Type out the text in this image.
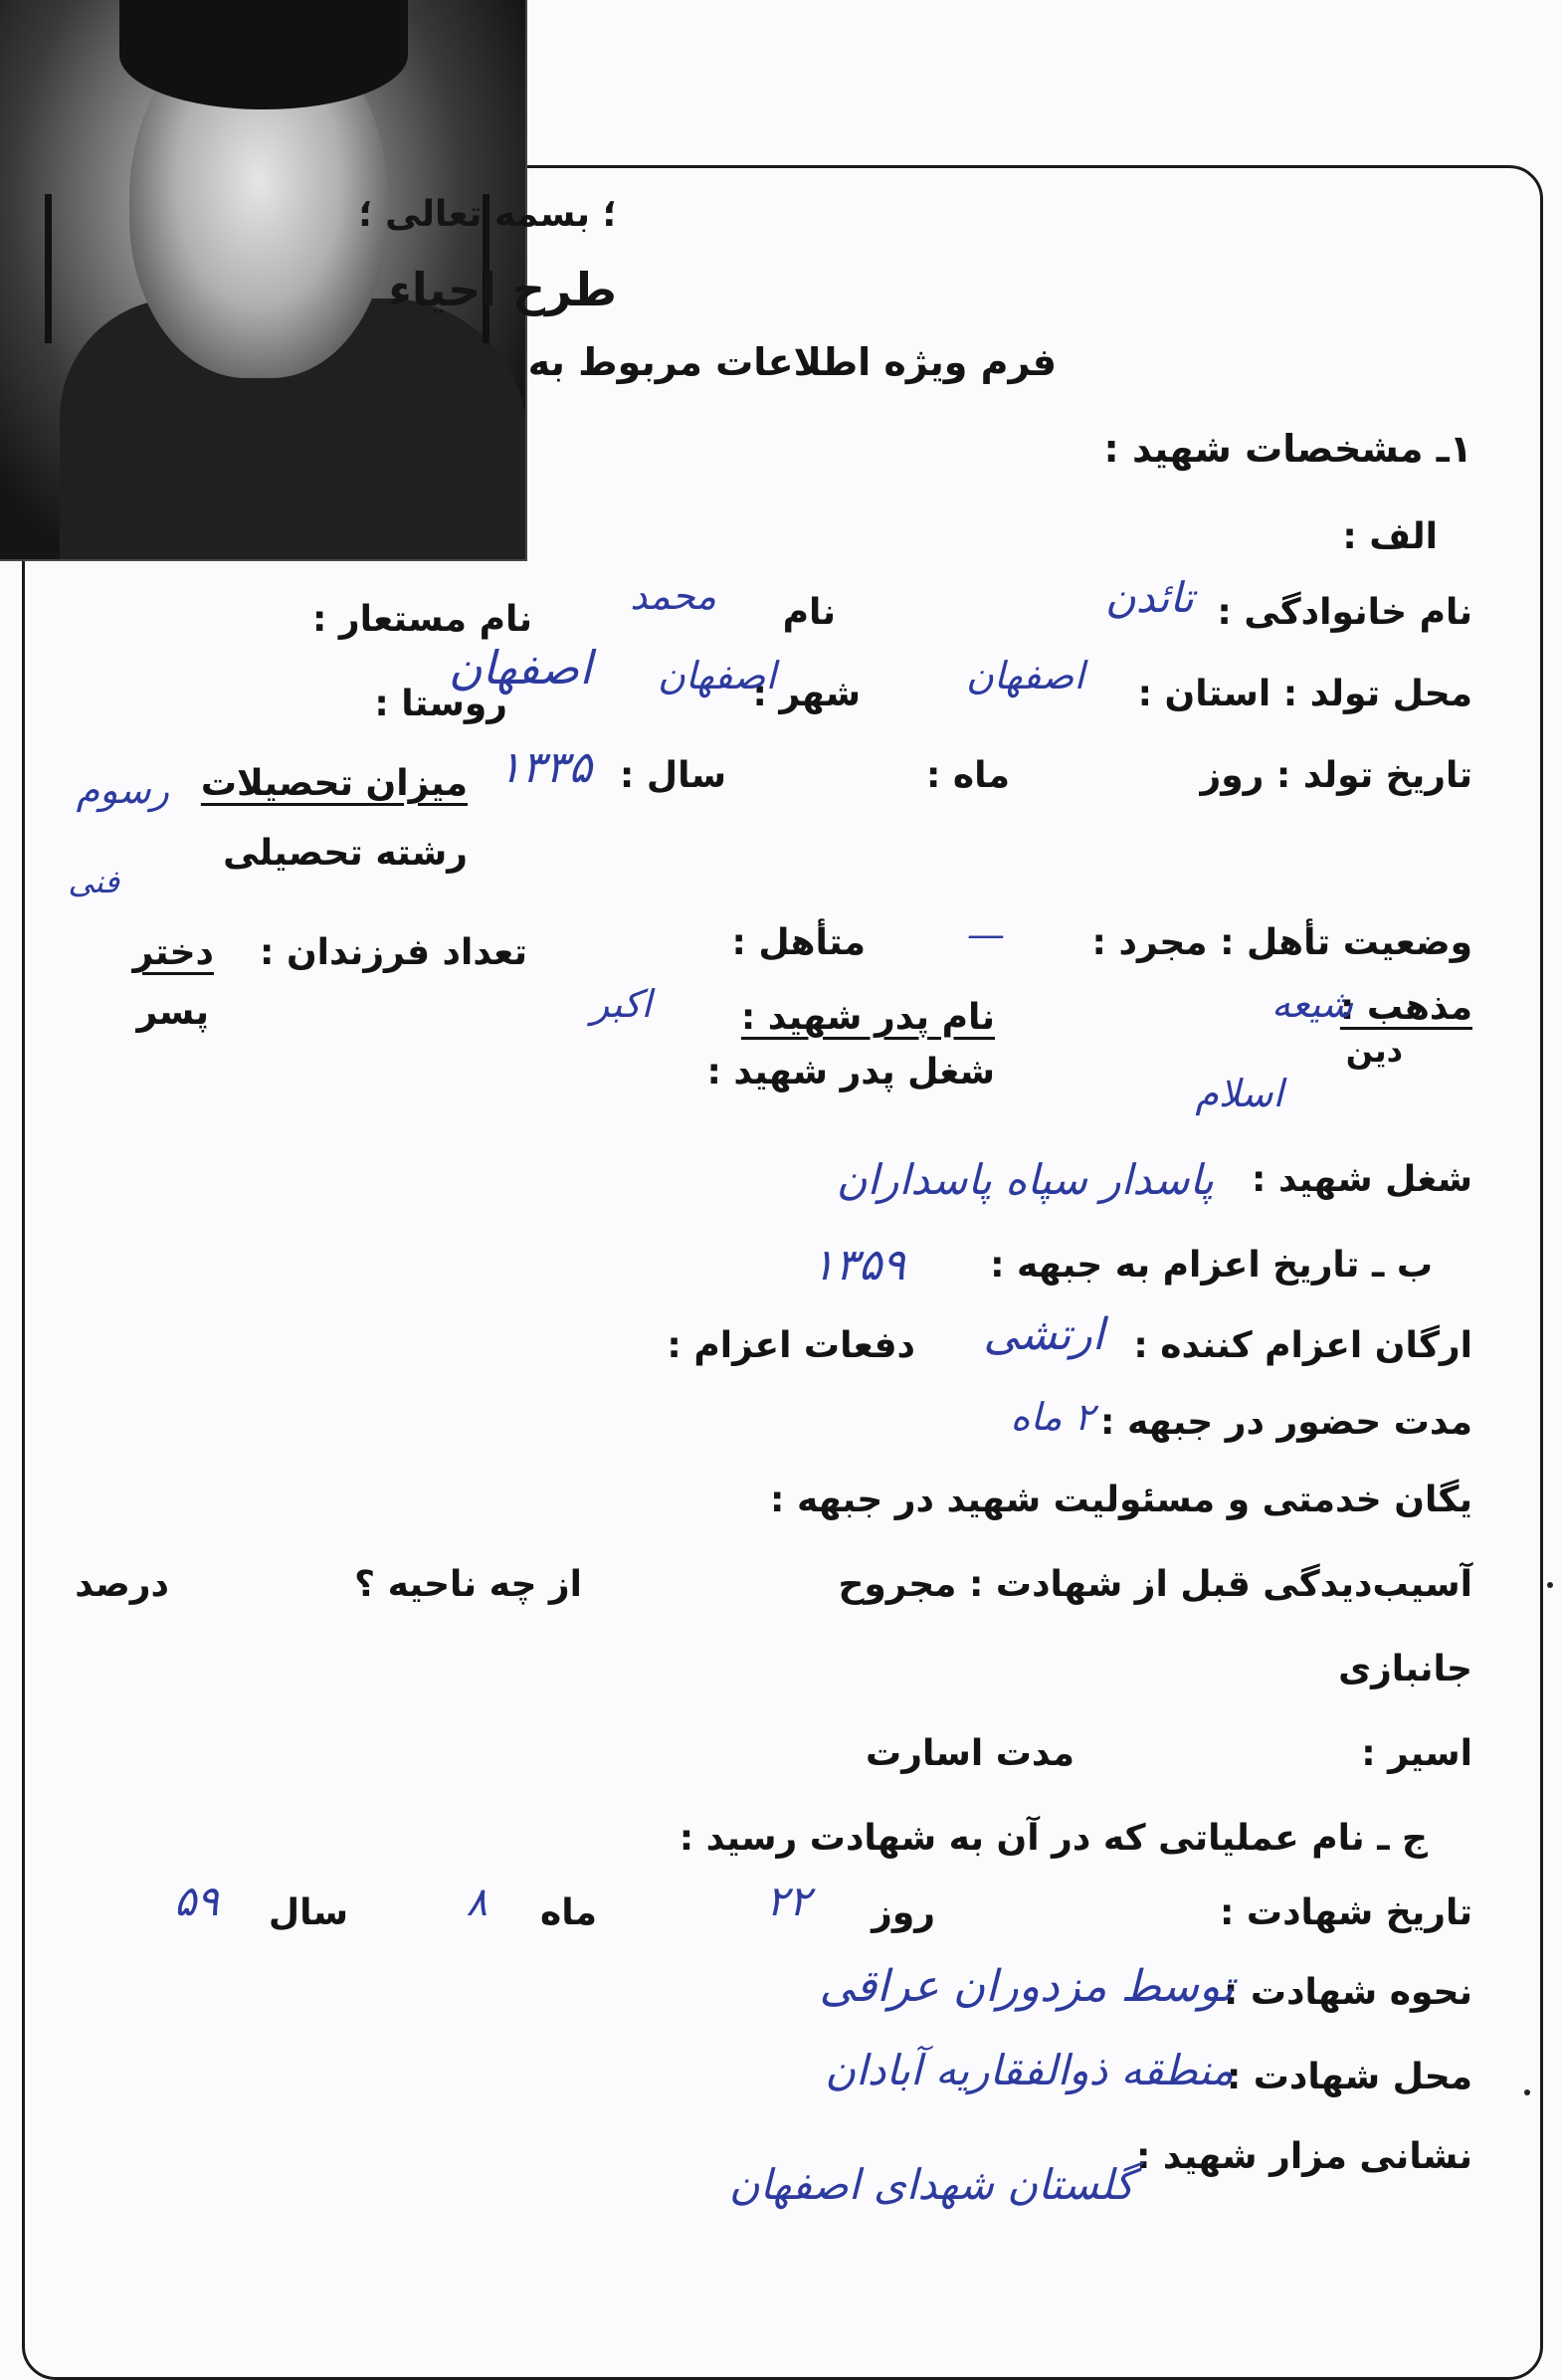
؛ بسمه تعالی ؛
طرح احیاء
فرم ویژه اطلاعات مربوط به
۱ـ مشخصات شهید :
الف :
نام خانوادگی :
تائدن
نام
محمد
نام مستعار :
محل تولد : استان :
اصفهان
شهر :
اصفهان
اصفهان
روستا :
تاریخ تولد : روز
ماه :
سال :
۱۳۳۵
میزان تحصیلات
رسوم
رشته تحصیلی
فنی
وضعیت تأهل : مجرد :
—
متأهل :
تعداد فرزندان :
دختر
پسر	مذهب :
شیعه
دین
اسلام
نام پدر شهید :
اکبر
شغل پدر شهید :
شغل شهید :
پاسدار سپاه پاسداران
ب ـ تاریخ اعزام به جبهه :
۱۳۵۹
ارگان اعزام کننده :
ارتشی
دفعات اعزام :
مدت حضور در جبهه :
۲ ماه
یگان خدمتی و مسئولیت شهید در جبهه :
آسیب‌دیدگی قبل از شهادت : مجروح
از چه ناحیه ؟
درصد
جانبازی
اسیر :
مدت اسارت
ج ـ نام عملیاتی که در آن به شهادت رسید :
تاریخ شهادت :
روز
۲۲
ماه
۸
سال
۵۹
نحوه شهادت :
توسط مزدوران عراقی
محل شهادت :
منطقه ذوالفقاریه آبادان
نشانی مزار شهید :
گلستان شهدای اصفهان
